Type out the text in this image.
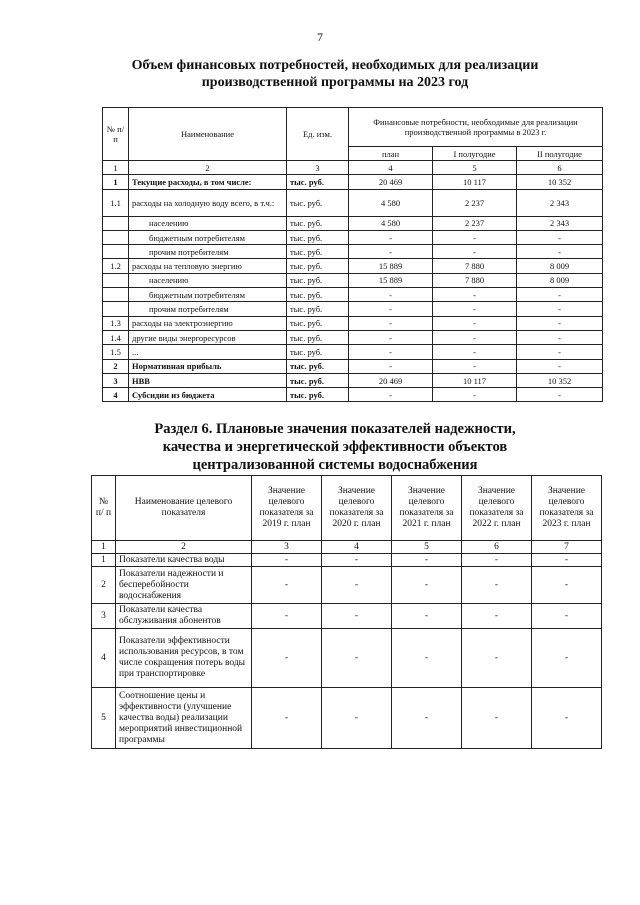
7
Объем финансовых потребностей, необходимых для реализации
производственной программы на 2023 год
№ п/п	Наименование	Ед. изм.	Финансовые потребности, необходимые для реализации производственной программы в 2023 г.		
			план	I полугодие	II полугодие
1	2	3	4	5	6
1	Текущие расходы, в том числе:	тыс. руб.	20 469	10 117	10 352
1.1	расходы на холодную воду всего, в т.ч.:	тыс. руб.	4 580	2 237	2 343
	населению	тыс. руб.	4 580	2 237	2 343
	бюджетным потребителям	тыс. руб.	-	-	-
	прочим потребителям	тыс. руб.	-	-	-
1.2	расходы на тепловую энергию	тыс. руб.	15 889	7 880	8 009
	населению	тыс. руб.	15 889	7 880	8 009
	бюджетным потребителям	тыс. руб.	-	-	-
	прочим потребителям	тыс. руб.	-	-	-
1.3	расходы на электроэнергию	тыс. руб.	-	-	-
1.4	другие виды энергоресурсов	тыс. руб.	-	-	-
1.5	...	тыс. руб.	-	-	-
2	Нормативная прибыль	тыс. руб.	-	-	-
3	НВВ	тыс. руб.	20 469	10 117	10 352
4	Субсидии из бюджета	тыс. руб.	-	-	-
Раздел 6. Плановые значения показателей надежности,
качества и энергетической эффективности объектов
централизованной системы водоснабжения
№ п/ п	Наименование целевого показателя	Значение целевого показателя за 2019 г. план	Значение целевого показателя за 2020 г. план	Значение целевого показателя за 2021 г. план	Значение целевого показателя за 2022 г. план	Значение целевого показателя за 2023 г. план
1	2	3	4	5	6	7
1	Показатели качества воды	-	-	-	-	-
2	Показатели надежности и бесперебойности водоснабжения	-	-	-	-	-
3	Показатели качества обслуживания абонентов	-	-	-	-	-
4	Показатели эффективности использования ресурсов, в том числе сокращения потерь воды при транспортировке	-	-	-	-	-
5	Соотношение цены и эффективности (улучшение качества воды) реализации мероприятий инвестиционной программы	-	-	-	-	-
